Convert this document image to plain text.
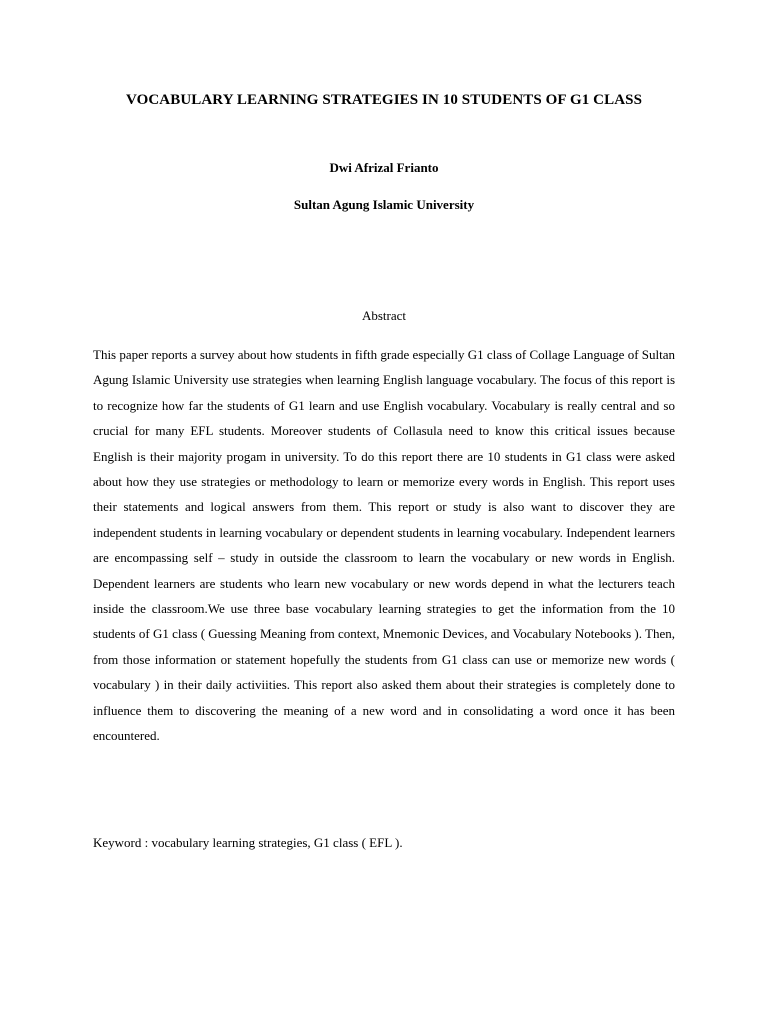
VOCABULARY LEARNING STRATEGIES IN 10 STUDENTS OF G1 CLASS
Dwi Afrizal Frianto
Sultan Agung Islamic University
Abstract

This paper reports a survey about how students in fifth grade especially G1 class of Collage Language of Sultan Agung Islamic University use strategies when learning English language vocabulary. The focus of this report is to recognize how far the students of G1 learn and use English vocabulary. Vocabulary is really central and so crucial for many EFL students. Moreover students of Collasula need to know this critical issues because English is their majority progam in university. To do this report there are 10 students in G1 class were asked about how they use strategies or methodology to learn or memorize every words in English. This report uses their statements and logical answers from them. This report or study is also want to discover they are independent students in learning vocabulary or dependent students in learning vocabulary. Independent learners are encompassing self – study in outside the classroom to learn the vocabulary or new words in English. Dependent learners are students who learn new vocabulary or new words depend in what the lecturers teach inside the classroom.We use three base vocabulary learning strategies to get the information from the 10 students of G1 class ( Guessing Meaning from context, Mnemonic Devices, and Vocabulary Notebooks ). Then, from those information or statement hopefully the students from G1 class can use or memorize new words ( vocabulary ) in their daily activiities. This report also asked them about their strategies is completely done to influence them to discovering the meaning of a new word and in consolidating a word once it has been encountered.

Keyword : vocabulary learning strategies, G1 class ( EFL ).
